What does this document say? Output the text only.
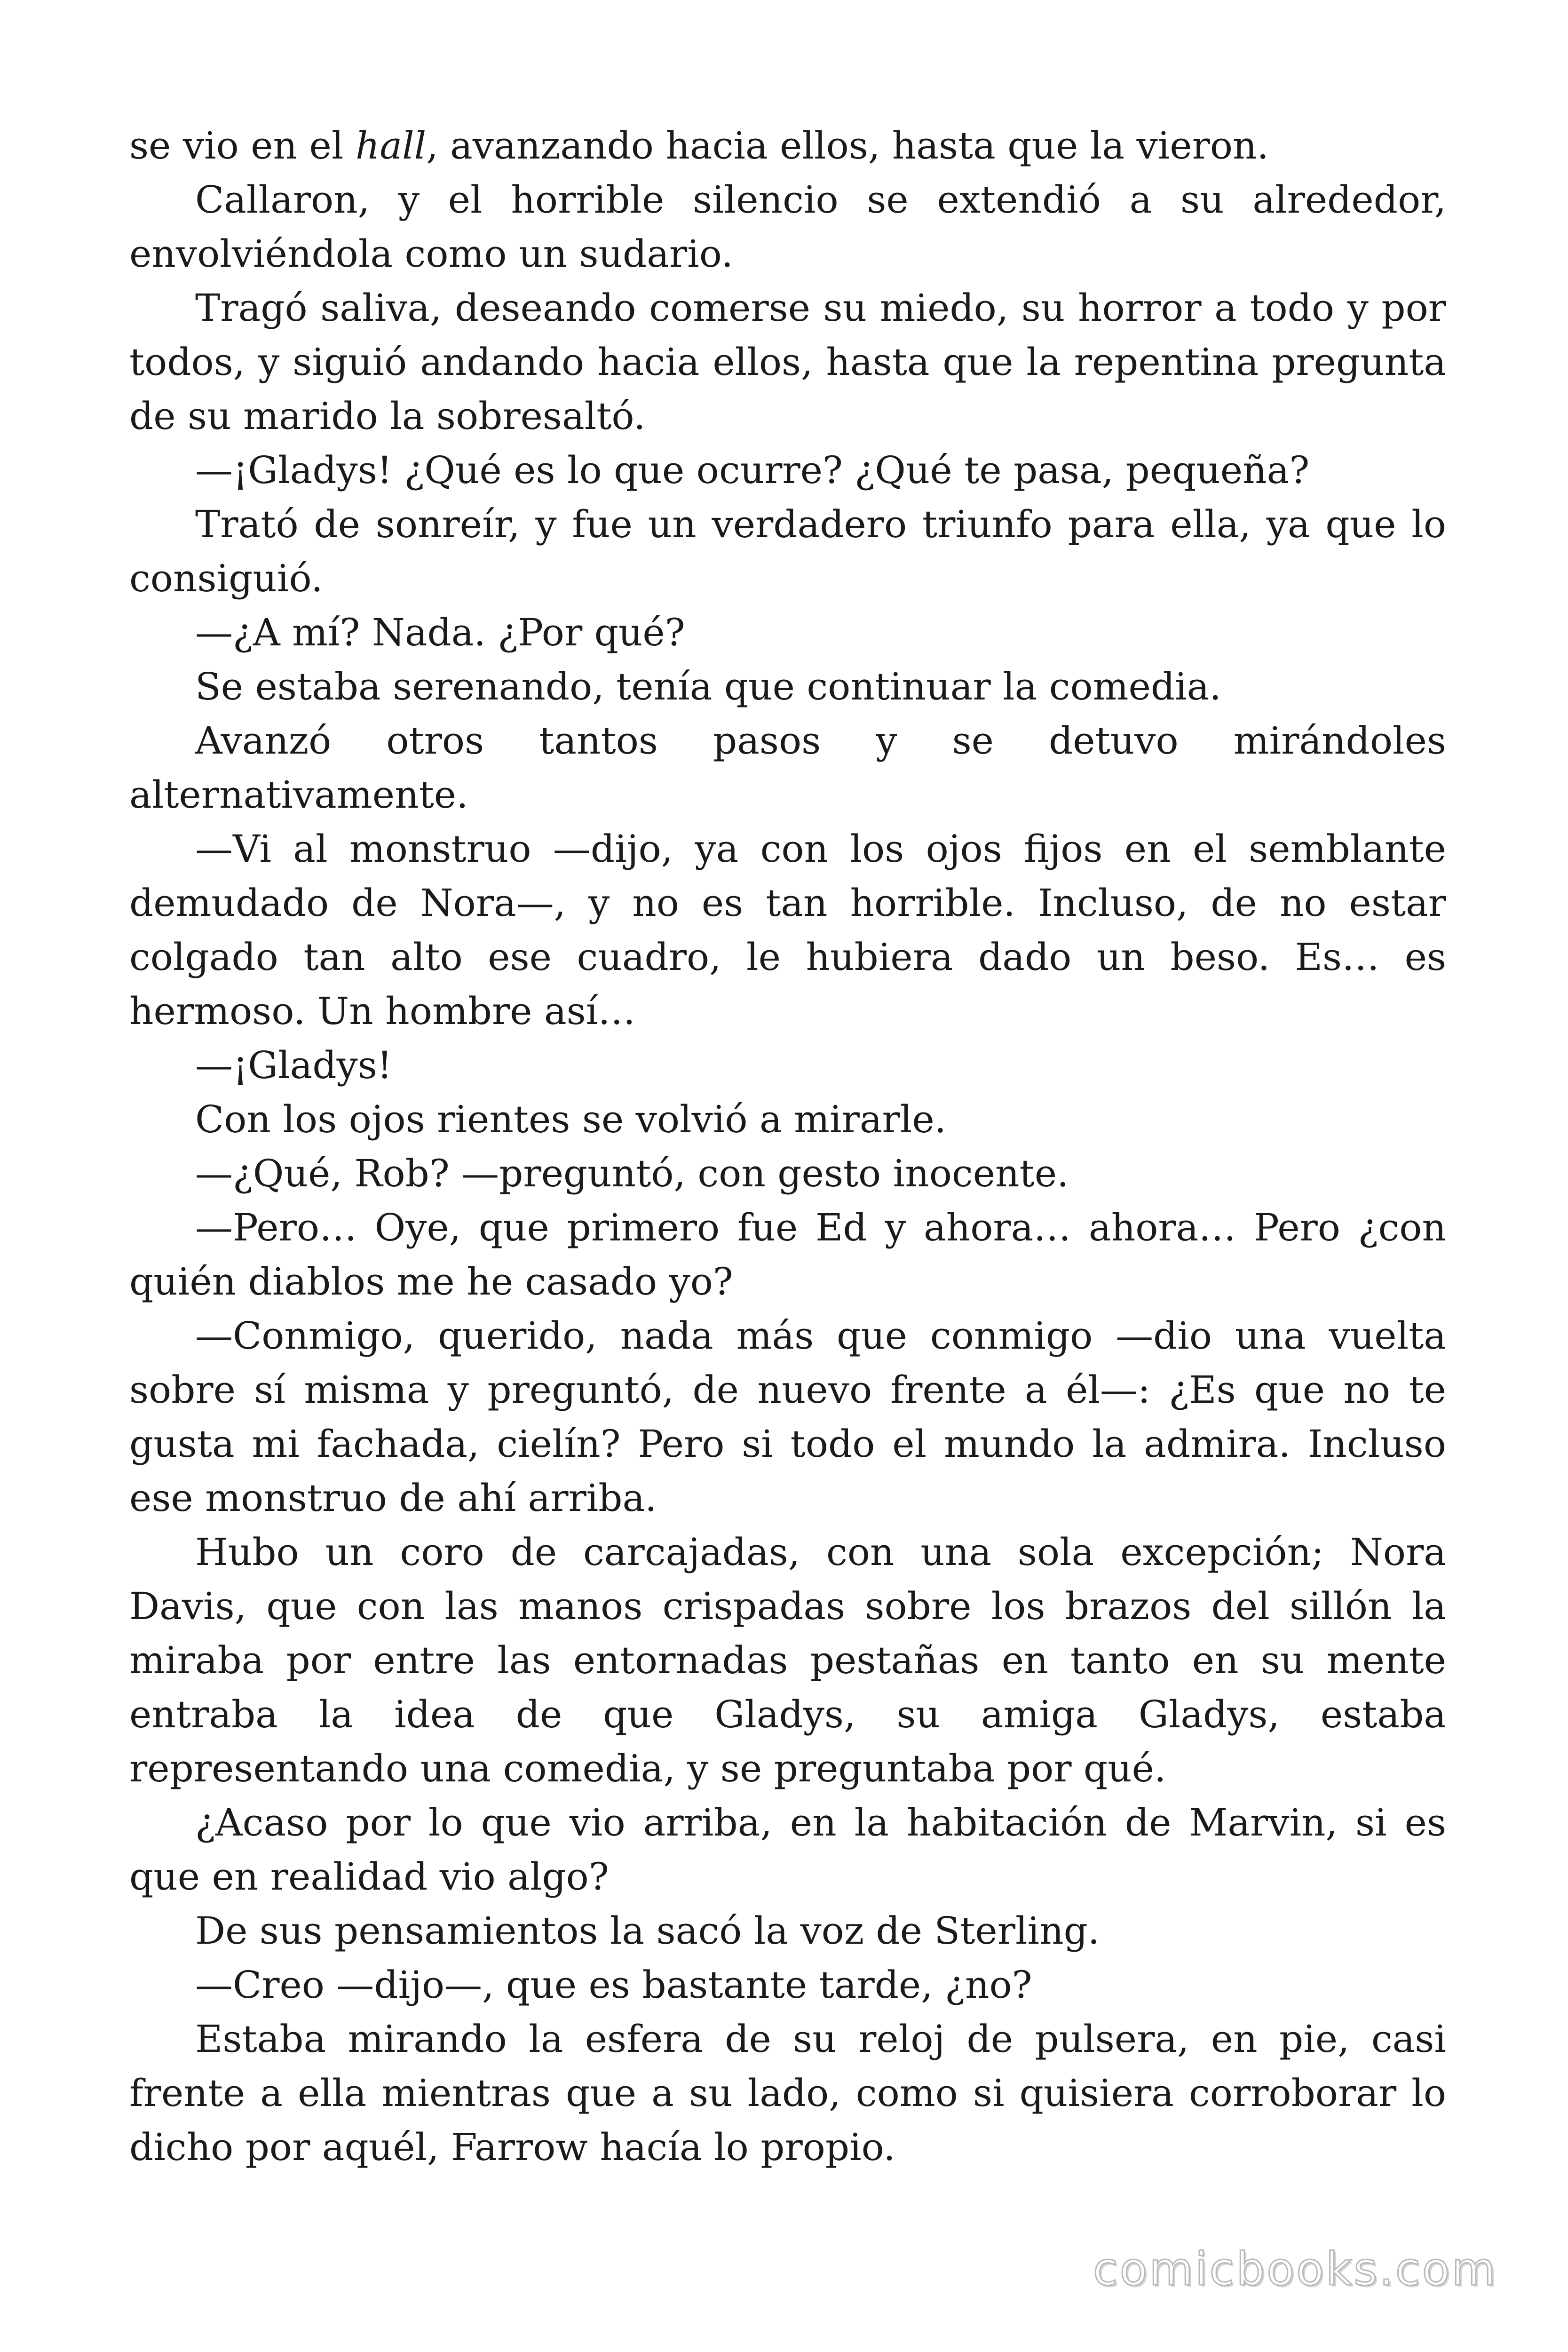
se vio en el hall, avanzando hacia ellos, hasta que la vieron.

Callaron, y el horrible silencio se extendió a su alrededor, envolviéndola como un sudario.

Tragó saliva, deseando comerse su miedo, su horror a todo y por todos, y siguió andando hacia ellos, hasta que la repentina pregunta de su marido la sobresaltó.

—¡Gladys! ¿Qué es lo que ocurre? ¿Qué te pasa, pequeña?

Trató de sonreír, y fue un verdadero triunfo para ella, ya que lo consiguió.

—¿A mí? Nada. ¿Por qué?

Se estaba serenando, tenía que continuar la comedia.

Avanzó otros tantos pasos y se detuvo mirándoles alternativamente.

—Vi al monstruo —dijo, ya con los ojos fijos en el semblante demudado de Nora—, y no es tan horrible. Incluso, de no estar colgado tan alto ese cuadro, le hubiera dado un beso. Es… es hermoso. Un hombre así…

—¡Gladys!

Con los ojos rientes se volvió a mirarle.

—¿Qué, Rob? —preguntó, con gesto inocente.

—Pero… Oye, que primero fue Ed y ahora… ahora… Pero ¿con quién diablos me he casado yo?

—Conmigo, querido, nada más que conmigo —dio una vuelta sobre sí misma y preguntó, de nuevo frente a él—: ¿Es que no te gusta mi fachada, cielín? Pero si todo el mundo la admira. Incluso ese monstruo de ahí arriba.

Hubo un coro de carcajadas, con una sola excepción; Nora Davis, que con las manos crispadas sobre los brazos del sillón la miraba por entre las entornadas pestañas en tanto en su mente entraba la idea de que Gladys, su amiga Gladys, estaba representando una comedia, y se preguntaba por qué.

¿Acaso por lo que vio arriba, en la habitación de Marvin, si es que en realidad vio algo?

De sus pensamientos la sacó la voz de Sterling.

—Creo —dijo—, que es bastante tarde, ¿no?

Estaba mirando la esfera de su reloj de pulsera, en pie, casi frente a ella mientras que a su lado, como si quisiera corroborar lo dicho por aquél, Farrow hacía lo propio.

comicbooks.com
